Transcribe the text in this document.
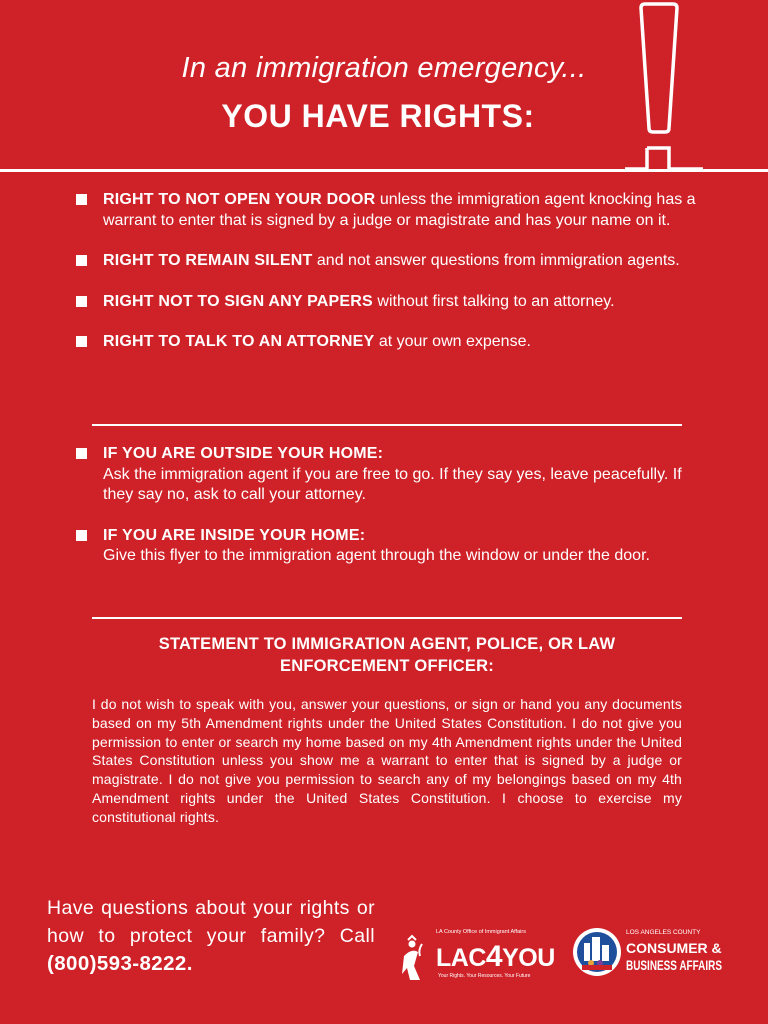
In an immigration emergency...
YOU HAVE RIGHTS:
RIGHT TO NOT OPEN YOUR DOOR unless the immigration agent knocking has a warrant to enter that is signed by a judge or magistrate and has your name on it.
RIGHT TO REMAIN SILENT and not answer questions from immigration agents.
RIGHT NOT TO SIGN ANY PAPERS without first talking to an attorney.
RIGHT TO TALK TO AN ATTORNEY at your own expense.
IF YOU ARE OUTSIDE YOUR HOME:
Ask the immigration agent if you are free to go. If they say yes, leave peacefully. If they say no, ask to call your attorney.
IF YOU ARE INSIDE YOUR HOME:
Give this flyer to the immigration agent through the window or under the door.
STATEMENT TO IMMIGRATION AGENT, POLICE, OR LAW ENFORCEMENT OFFICER:
I do not wish to speak with you, answer your questions, or sign or hand you any documents based on my 5th Amendment rights under the United States Constitution. I do not give you permission to enter or search my home based on my 4th Amendment rights under the United States Constitution unless you show me a warrant to enter that is signed by a judge or magistrate. I do not give you permission to search any of my belongings based on my 4th Amendment rights under the United States Constitution. I choose to exercise my constitutional rights.
Have questions about your rights or how to protect your family? Call (800)593-8222.
LA County Office of Immigrant Affairs
LAC4YOU
Your Rights. Your Resources. Your Future
LOS ANGELES COUNTY
CONSUMER &
BUSINESS AFFAIRS
